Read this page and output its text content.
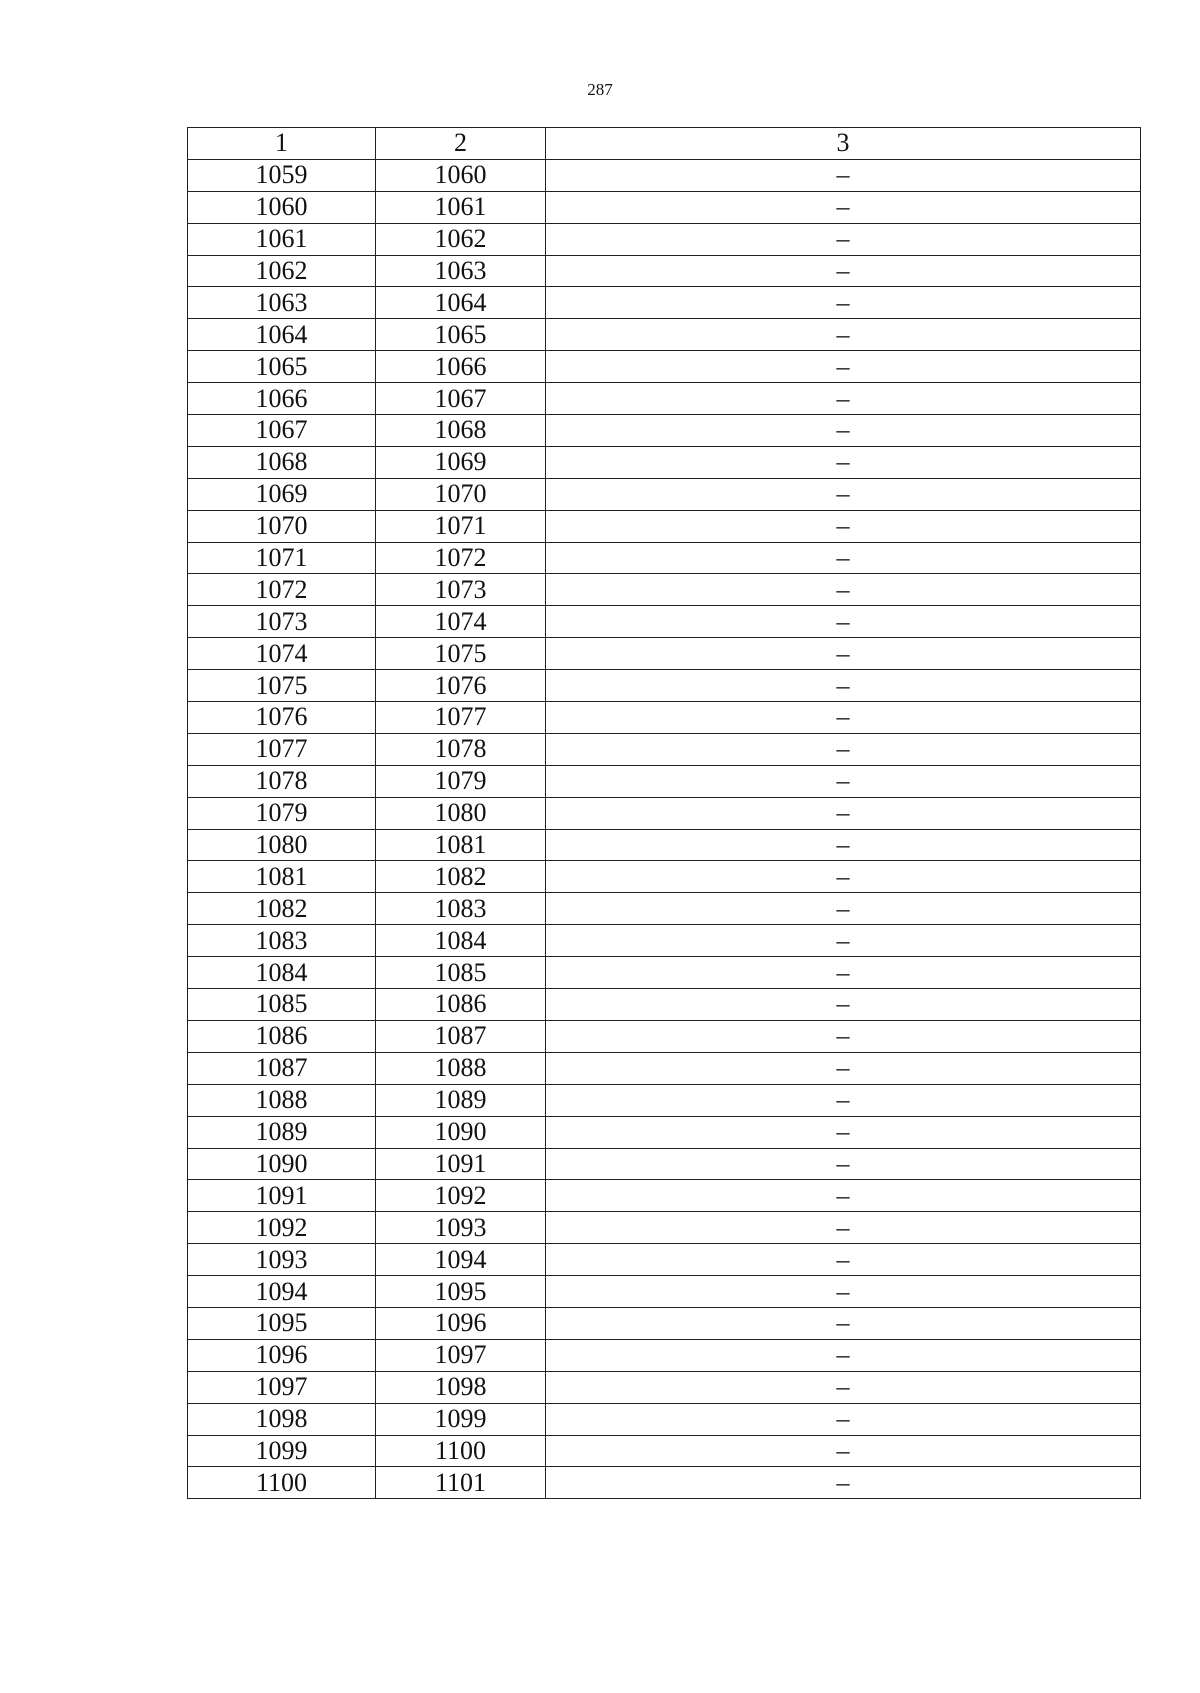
287
1	2	3
1059	1060	–
1060	1061	–
1061	1062	–
1062	1063	–
1063	1064	–
1064	1065	–
1065	1066	–
1066	1067	–
1067	1068	–
1068	1069	–
1069	1070	–
1070	1071	–
1071	1072	–
1072	1073	–
1073	1074	–
1074	1075	–
1075	1076	–
1076	1077	–
1077	1078	–
1078	1079	–
1079	1080	–
1080	1081	–
1081	1082	–
1082	1083	–
1083	1084	–
1084	1085	–
1085	1086	–
1086	1087	–
1087	1088	–
1088	1089	–
1089	1090	–
1090	1091	–
1091	1092	–
1092	1093	–
1093	1094	–
1094	1095	–
1095	1096	–
1096	1097	–
1097	1098	–
1098	1099	–
1099	1100	–
1100	1101	–
